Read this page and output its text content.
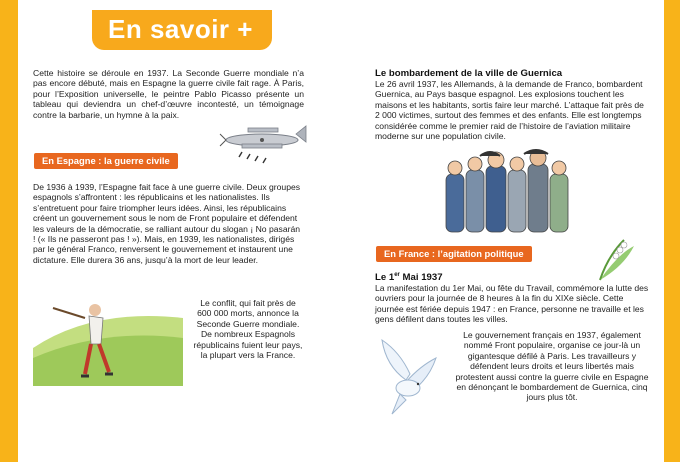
En savoir +
Cette histoire se déroule en 1937. La Seconde Guerre mondiale n’a pas encore débuté, mais en Espagne la guerre civile fait rage. À Paris, pour l’Exposition universelle, le peintre Pablo Picasso présente un tableau qui deviendra un chef-d’œuvre incontesté, un témoignage contre la barbarie, un hymne à la paix.
En Espagne : la guerre civile
De 1936 à 1939, l’Espagne fait face à une guerre civile. Deux groupes espagnols s’affrontent : les républicains et les nationalistes. Ils s’entretuent pour faire triompher leurs idées. Ainsi, les républicains créent un gouvernement sous le nom de Front populaire et défendent les valeurs de la démocratie, se ralliant autour du slogan ¡ No pasarán ! (« Ils ne passeront pas ! »). Mais, en 1939, les nationalistes, dirigés par le général Franco, renversent le gouvernement et instaurent une dictature. Elle durera 36 ans, jusqu’à la mort de leur leader.
Le conflit, qui fait près de 600 000 morts, annonce la Seconde Guerre mondiale. De nombreux Espagnols républicains fuient leur pays, la plupart vers la France.
Le bombardement de la ville de Guernica
Le 26 avril 1937, les Allemands, à la demande de Franco, bombardent Guernica, au Pays basque espagnol. Les explosions touchent les maisons et les habitants, sortis faire leur marché. L’attaque fait près de 2 000 victimes, surtout des femmes et des enfants. Elle est longtemps considérée comme le premier raid de l’histoire de l’aviation militaire moderne sur une population civile.
En France : l’agitation politique
Le 1er Mai 1937
La manifestation du 1er Mai, ou fête du Travail, commémore la lutte des ouvriers pour la journée de 8 heures à la fin du XIXe siècle. Cette journée est fériée depuis 1947 : en France, personne ne travaille et les gens défilent dans toutes les villes.
Le gouvernement français en 1937, également nommé Front populaire, organise ce jour-là un gigantesque défilé à Paris. Les travailleurs y défendent leurs droits et leurs libertés mais protestent aussi contre la guerre civile en Espagne en dénonçant le bombardement de Guernica, cinq jours plus tôt.
